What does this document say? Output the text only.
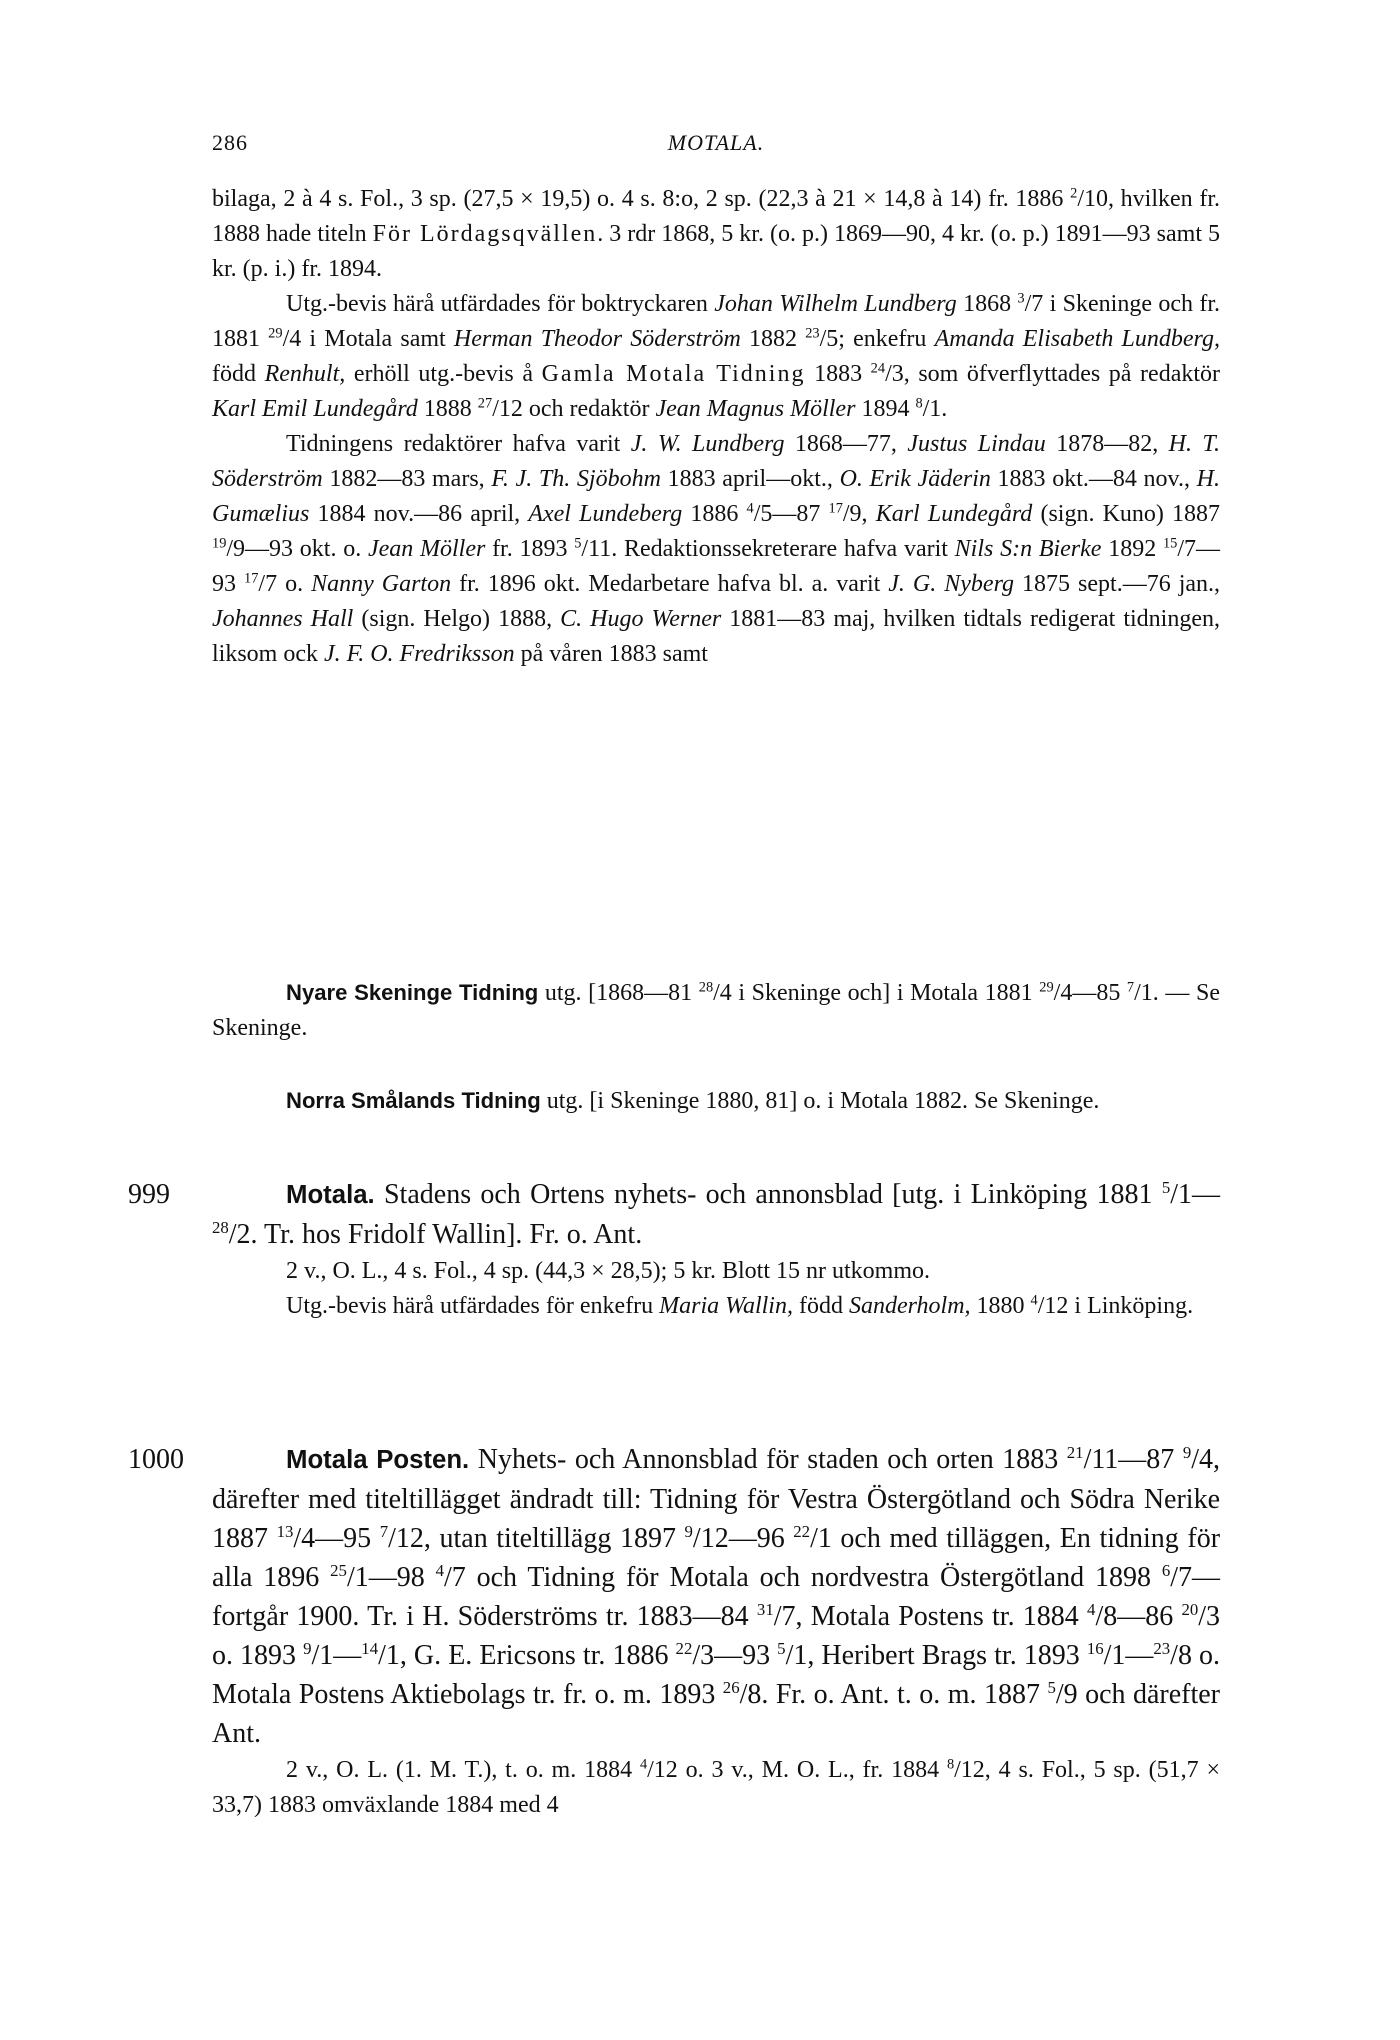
286	MOTALA.

bilaga, 2 à 4 s. Fol., 3 sp. (27,5 × 19,5) o. 4 s. 8:o, 2 sp. (22,3 à 21 × 14,8 à 14) fr. 1886 $^2$/10, hvilken fr. 1888 hade titeln För Lördagsqvällen. 3 rdr 1868, 5 kr. (o. p.) 1869—90, 4 kr. (o. p.) 1891—93 samt 5 kr. (p. i.) fr. 1894.

Utg.-bevis härå utfärdades för boktryckaren Johan Wilhelm Lundberg 1868 $^3$/7 i Skeninge och fr. 1881 $^{29}$/4 i Motala samt Herman Theodor Söderström 1882 $^{23}$/5; enkefru Amanda Elisabeth Lundberg, född Renhult, erhöll utg.-bevis å Gamla Motala Tidning 1883 $^{24}$/3, som öfverflyttades på redaktör Karl Emil Lundegård 1888 $^{27}$/12 och redaktör Jean Magnus Möller 1894 $^8$/1.

Tidningens redaktörer hafva varit J. W. Lundberg 1868—77, Justus Lindau 1878—82, H. T. Söderström 1882—83 mars, F. J. Th. Sjöbohm 1883 april—okt., O. Erik Jäderin 1883 okt.—84 nov., H. Gumælius 1884 nov.—86 april, Axel Lundeberg 1886 $^4$/5—87 $^{17}$/9, Karl Lundegård (sign. Kuno) 1887 $^{19}$/9—93 okt. o. Jean Möller fr. 1893 $^5$/11. Redaktionssekreterare hafva varit Nils S:n Bierke 1892 $^{15}$/7—93 $^{17}$/7 o. Nanny Garton fr. 1896 okt. Medarbetare hafva bl. a. varit J. G. Nyberg 1875 sept.—76 jan., Johannes Hall (sign. Helgo) 1888, C. Hugo Werner 1881—83 maj, hvilken tidtals redigerat tidningen, liksom ock J. F. O. Fredriksson på våren 1883 samt

Nyare Skeninge Tidning utg. [1868—81 $^{28}$/4 i Skeninge och] i Motala 1881 $^{29}$/4—85 $^7$/1. — Se Skeninge.

Norra Smålands Tidning utg. [i Skeninge 1880, 81] o. i Motala 1882. Se Skeninge.

999	Motala. Stadens och Ortens nyhets- och annonsblad [utg. i Linköping 1881 $^5$/1—$^{28}$/2. Tr. hos Fridolf Wallin]. Fr. o. Ant.

2 v., O. L., 4 s. Fol., 4 sp. (44,3 × 28,5); 5 kr. Blott 15 nr utkommo.

Utg.-bevis härå utfärdades för enkefru Maria Wallin, född Sanderholm, 1880 $^4$/12 i Linköping.

1000	Motala Posten. Nyhets- och Annonsblad för staden och orten 1883 $^{21}$/11—87 $^9$/4, därefter med titeltillägget ändradt till: Tidning för Vestra Östergötland och Södra Nerike 1887 $^{13}$/4—95 $^7$/12, utan titeltillägg 1897 $^9$/12—96 $^{22}$/1 och med tilläggen, En tidning för alla 1896 $^{25}$/1—98 $^4$/7 och Tidning för Motala och nordvestra Östergötland 1898 $^6$/7—fortgår 1900. Tr. i H. Söderströms tr. 1883—84 $^{31}$/7, Motala Postens tr. 1884 $^4$/8—86 $^{20}$/3 o. 1893 $^9$/1—$^{14}$/1, G. E. Ericsons tr. 1886 $^{22}$/3—93 $^5$/1, Heribert Brags tr. 1893 $^{16}$/1—$^{23}$/8 o. Motala Postens Aktiebolags tr. fr. o. m. 1893 $^{26}$/8. Fr. o. Ant. t. o. m. 1887 $^5$/9 och därefter Ant.

2 v., O. L. (1. M. T.), t. o. m. 1884 $^4$/12 o. 3 v., M. O. L., fr. 1884 $^8$/12, 4 s. Fol., 5 sp. (51,7 × 33,7) 1883 omväxlande 1884 med 4
